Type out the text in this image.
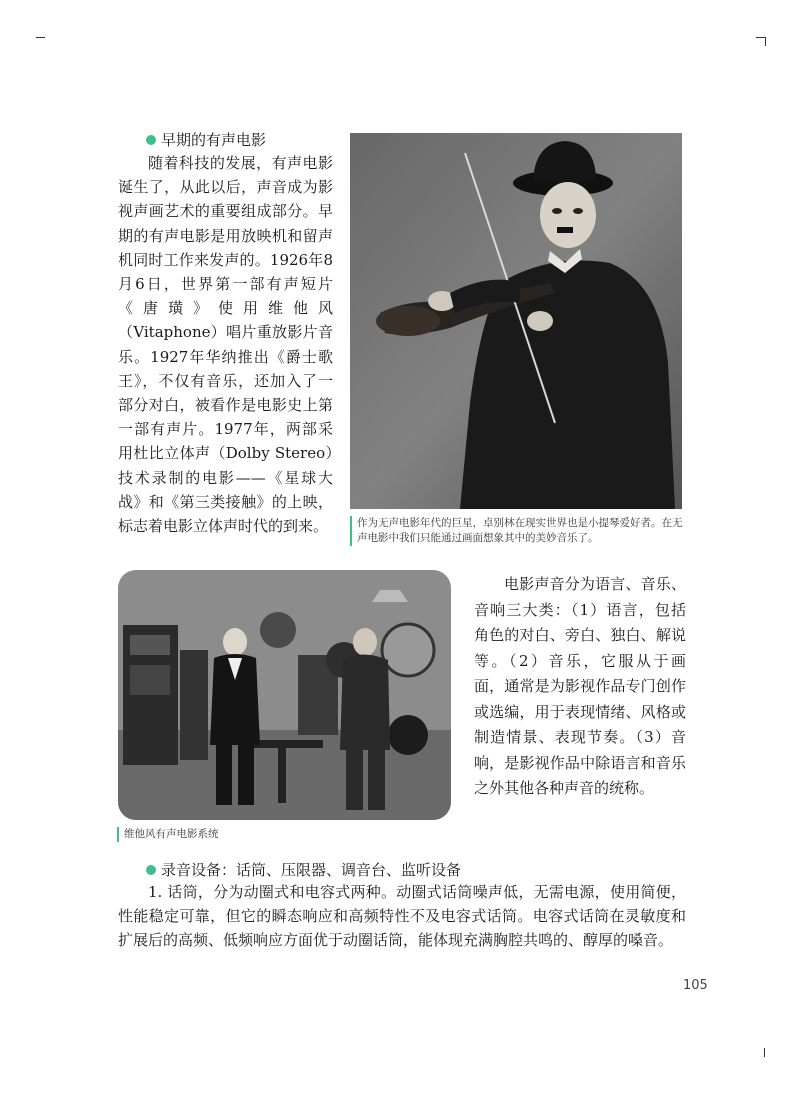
早期的有声电影

随着科技的发展，有声电影诞生了，从此以后，声音成为影视声画艺术的重要组成部分。早期的有声电影是用放映机和留声机同时工作来发声的。1926年8月6日，世界第一部有声短片《唐璜》使用维他风（Vitaphone）唱片重放影片音乐。1927年华纳推出《爵士歌王》，不仅有音乐，还加入了一部分对白，被看作是电影史上第一部有声片。1977年，两部采用杜比立体声（Dolby Stereo）技术录制的电影——《星球大战》和《第三类接触》的上映，标志着电影立体声时代的到来。	作为无声电影年代的巨星，卓别林在现实世界也是小提琴爱好者。在无声电影中我们只能通过画面想象其中的美妙音乐了。
维他风有声电影系统

电影声音分为语言、音乐、音响三大类：（1）语言，包括角色的对白、旁白、独白、解说等。（2）音乐，它服从于画面，通常是为影视作品专门创作或选编，用于表现情绪、风格或制造情景、表现节奏。（3）音响，是影视作品中除语言和音乐之外其他各种声音的统称。

录音设备：话筒、压限器、调音台、监听设备

1. 话筒，分为动圈式和电容式两种。动圈式话筒噪声低，无需电源，使用简便，性能稳定可靠，但它的瞬态响应和高频特性不及电容式话筒。电容式话筒在灵敏度和扩展后的高频、低频响应方面优于动圈话筒，能体现充满胸腔共鸣的、醇厚的嗓音。

105
